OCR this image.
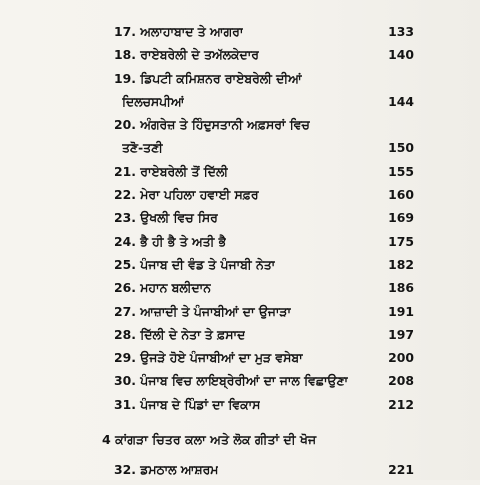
17. ਅਲਾਹਾਬਾਦ ਤੇ ਆਗਰਾ	133
18. ਰਾਏਬਰੇਲੀ ਦੇ ਤਅੱਲਕੇਦਾਰ	140
19. ਡਿਪਟੀ ਕਮਿਸ਼ਨਰ ਰਾਏਬਰੇਲੀ ਦੀਆਂ
ਦਿਲਚਸਪੀਆਂ	144
20. ਅੰਗਰੇਜ਼ ਤੇ ਹਿੰਦੁਸਤਾਨੀ ਅਫ਼ਸਰਾਂ ਵਿਚ
ਤਣੋ-ਤਣੀ	150
21. ਰਾਏਬਰੇਲੀ ਤੋਂ ਦਿੱਲੀ	155
22. ਮੇਰਾ ਪਹਿਲਾ ਹਵਾਈ ਸਫ਼ਰ	160
23. ਉਖਲੀ ਵਿਚ ਸਿਰ	169
24. ਭੈ ਹੀ ਭੈ ਤੇ ਅਤੀ ਭੈ	175
25. ਪੰਜਾਬ ਦੀ ਵੰਡ ਤੇ ਪੰਜਾਬੀ ਨੇਤਾ	182
26. ਮਹਾਨ ਬਲੀਦਾਨ	186
27. ਆਜ਼ਾਦੀ ਤੇ ਪੰਜਾਬੀਆਂ ਦਾ ਉਜਾੜਾ	191
28. ਦਿੱਲੀ ਦੇ ਨੇਤਾ ਤੇ ਫ਼ਸਾਦ	197
29. ਉਜੜੇ ਹੋਏ ਪੰਜਾਬੀਆਂ ਦਾ ਮੁੜ ਵਸੇਬਾ	200
30. ਪੰਜਾਬ ਵਿਚ ਲਾਇਬ੍ਰੇਰੀਆਂ ਦਾ ਜਾਲ ਵਿਛਾਉਣਾ	208
31. ਪੰਜਾਬ ਦੇ ਪਿੰਡਾਂ ਦਾ ਵਿਕਾਸ	212
4 ਕਾਂਗੜਾ ਚਿਤਰ ਕਲਾ ਅਤੇ ਲੋਕ ਗੀਤਾਂ ਦੀ ਖੋਜ
32. ਡਮਠਾਲ ਆਸ਼ਰਮ	221
